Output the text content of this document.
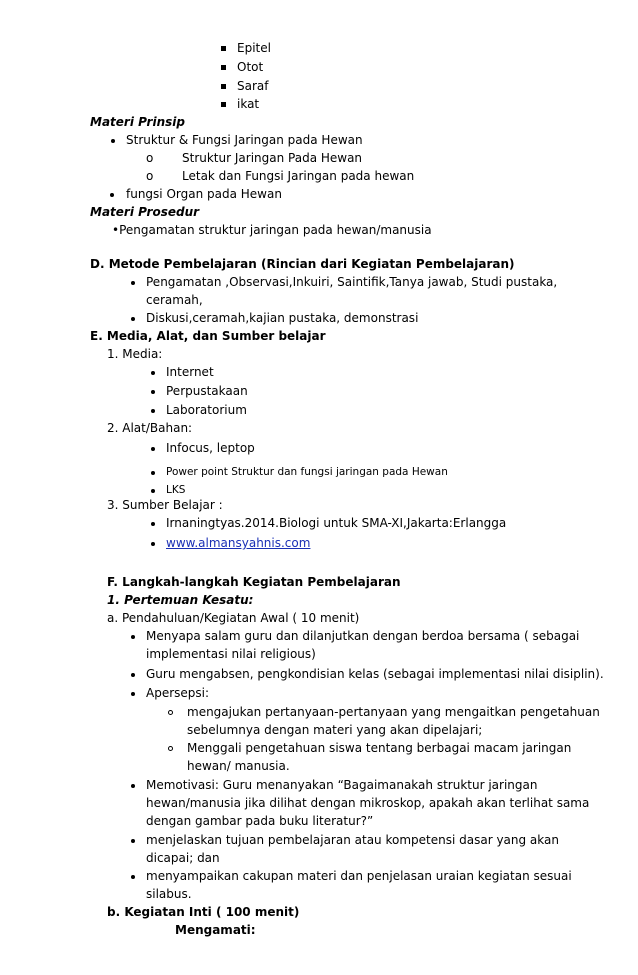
Epitel
Otot
Saraf
ikat
Materi Prinsip
Struktur & Fungsi Jaringan pada Hewan
o Struktur Jaringan Pada Hewan
o Letak dan Fungsi Jaringan pada hewan
fungsi Organ pada Hewan
Materi Prosedur
•Pengamatan struktur jaringan pada hewan/manusia
D. Metode Pembelajaran (Rincian dari Kegiatan Pembelajaran)
Pengamatan ,Observasi,Inkuiri, Saintifik,Tanya jawab, Studi pustaka,
ceramah,
Diskusi,ceramah,kajian pustaka, demonstrasi
E. Media, Alat, dan Sumber belajar
1. Media:
Internet
Perpustakaan
Laboratorium
2. Alat/Bahan:
Infocus, leptop
Power point Struktur dan fungsi jaringan pada Hewan
LKS
3. Sumber Belajar :
Irnaningtyas.2014.Biologi untuk SMA-XI,Jakarta:Erlangga
www.almansyahnis.com
F. Langkah-langkah Kegiatan Pembelajaran
1. Pertemuan Kesatu:
a. Pendahuluan/Kegiatan Awal ( 10 menit)
Menyapa salam guru dan dilanjutkan dengan berdoa bersama ( sebagai
implementasi nilai religious)
Guru mengabsen, pengkondisian kelas (sebagai implementasi nilai disiplin).
Apersepsi:
mengajukan pertanyaan-pertanyaan yang mengaitkan pengetahuan
sebelumnya dengan materi yang akan dipelajari;
Menggali pengetahuan siswa tentang berbagai macam jaringan
hewan/ manusia.
Memotivasi: Guru menanyakan “Bagaimanakah struktur jaringan
hewan/manusia jika dilihat dengan mikroskop, apakah akan terlihat sama
dengan gambar pada buku literatur?”
menjelaskan tujuan pembelajaran atau kompetensi dasar yang akan
dicapai; dan
menyampaikan cakupan materi dan penjelasan uraian kegiatan sesuai
silabus.
b. Kegiatan Inti ( 100 menit)
Mengamati:
